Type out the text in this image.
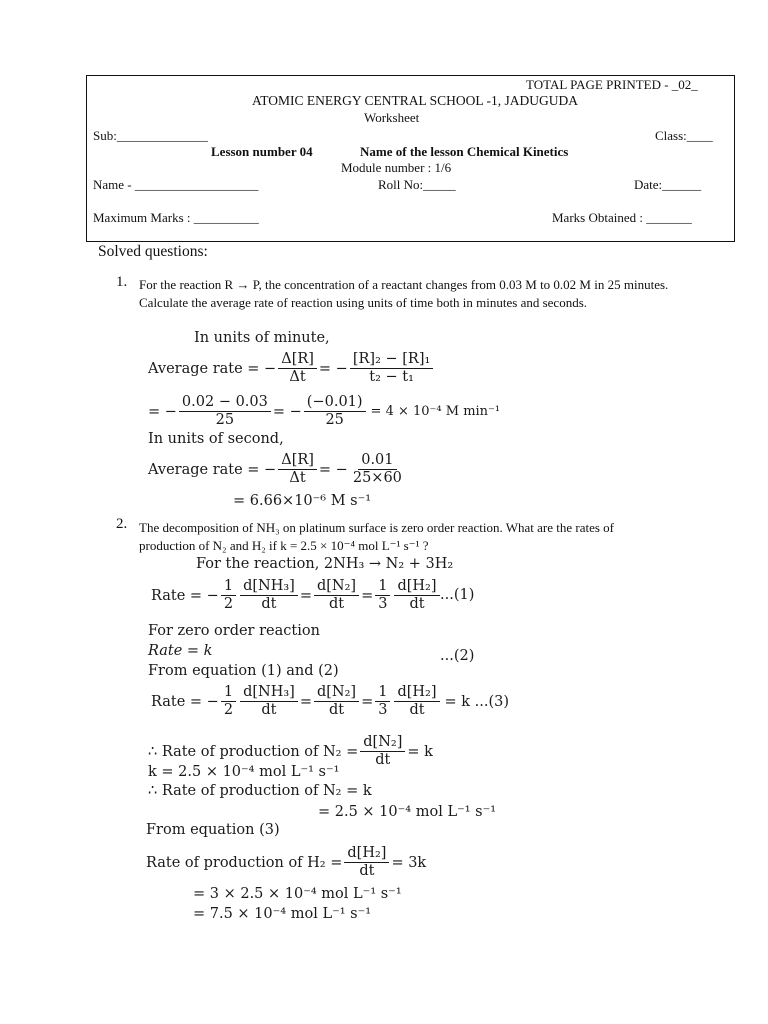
TOTAL PAGE PRINTED - _02_
ATOMIC ENERGY CENTRAL SCHOOL -1, JADUGUDA
Worksheet
Sub:______________	Class:____
Lesson number 04	Name of the lesson Chemical Kinetics
Module number : 1/6
Name - ___________________	Roll No:_____	Date:______
Maximum Marks : __________	Marks Obtained : _______
Solved questions:
1. For the reaction R → P, the concentration of a reactant changes from 0.03 M to 0.02 M in 25 minutes. Calculate the average rate of reaction using units of time both in minutes and seconds.
In units of minute,
Average rate = − $\frac{\Delta[R]}{\Delta t}$ = − $\frac{\text{[R]₂ − [R]₁}}{\text{t₂ − t₁}}$
= − $\frac{0.02 - 0.03}{25}$ = − $\frac{(-0.01)}{25} = 4 \times 10^{-4}$ M min⁻¹
In units of second,
Average rate = − $\frac{\Delta[R]}{\Delta t}$ = − $\frac{0.01}{25\times 60}$
= 6.66×10⁻⁶ M s⁻¹
2. The decomposition of NH₃ on platinum surface is zero order reaction. What are the rates of production of N₂ and H₂ if k = 2.5 × 10⁻⁴ mol L⁻¹ s⁻¹ ?
For the reaction, 2NH₃ → N₂ + 3H₂
Rate = − $\frac{1}{2} \frac{\text{d[NH₃]}}{dt} = \frac{\text{d[N₂]}}{dt} = \frac{1}{3} \frac{\text{d[H₂]}}{dt} ...(1)$
For zero order reaction
Rate = k	...(2)
From equation (1) and (2)
Rate = − $\frac{1}{2} \frac{\text{d[NH₃]}}{dt} = \frac{\text{d[N₂]}}{dt} = \frac{1}{3} \frac{\text{d[H₂]}}{dt} = k$ ...(3)
∴ Rate of production of $N_2 = \frac{\text{d[N₂]}}{dt} = k$
k = 2.5 × 10⁻⁴ mol L⁻¹ s⁻¹
∴ Rate of production of N₂ = k
= 2.5 × 10⁻⁴ mol L⁻¹ s⁻¹
From equation (3)
Rate of production of $H_2 = \frac{\text{d[H₂]}}{dt} = 3k$
= 3 × 2.5 × 10⁻⁴ mol L⁻¹ s⁻¹
= 7.5 × 10⁻⁴ mol L⁻¹ s⁻¹
